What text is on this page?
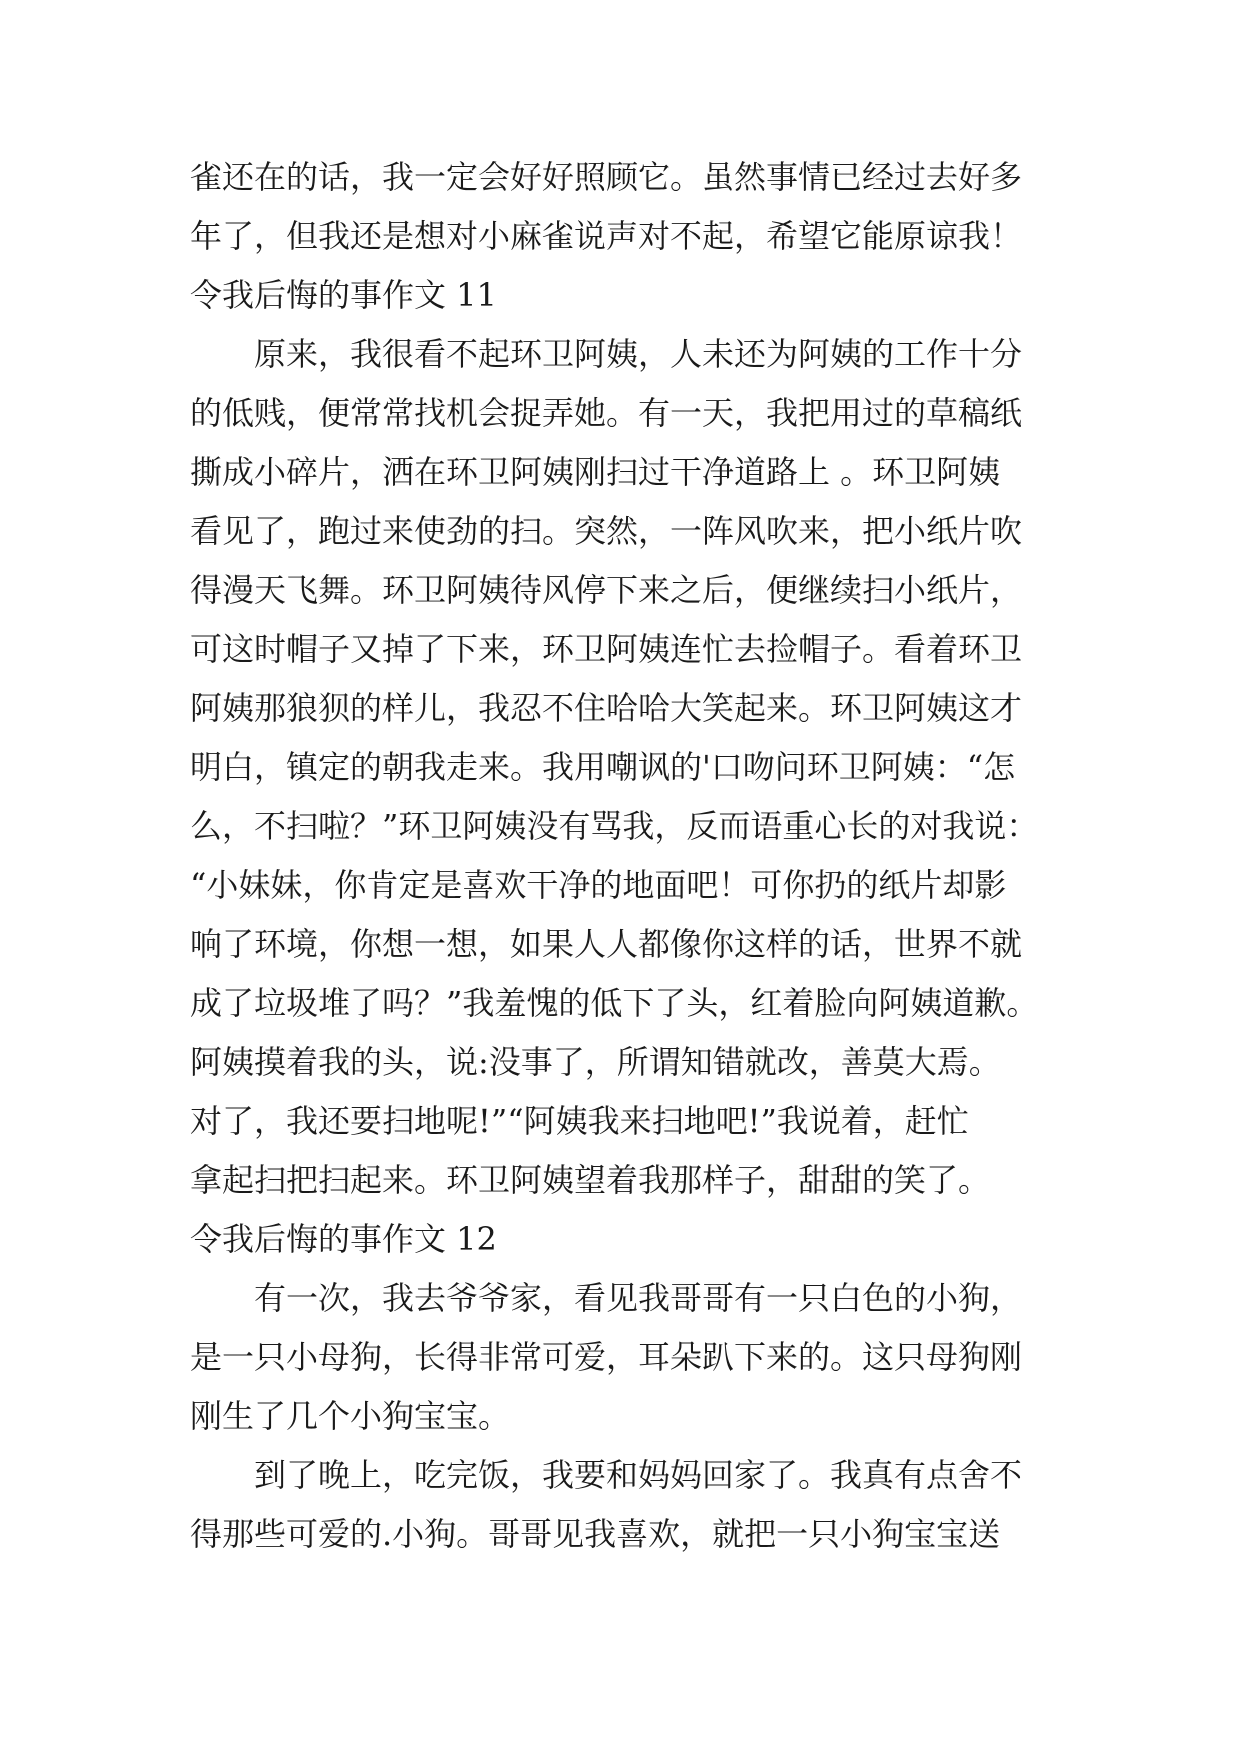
雀还在的话，我一定会好好照顾它。虽然事情已经过去好多
年了，但我还是想对小麻雀说声对不起，希望它能原谅我！
令我后悔的事作文 11
原来，我很看不起环卫阿姨，人未还为阿姨的工作十分
的低贱，便常常找机会捉弄她。有一天，我把用过的草稿纸
撕成小碎片，洒在环卫阿姨刚扫过干净道路上 。环卫阿姨
看见了，跑过来使劲的扫。突然，一阵风吹来，把小纸片吹
得漫天飞舞。环卫阿姨待风停下来之后，便继续扫小纸片，
可这时帽子又掉了下来，环卫阿姨连忙去捡帽子。看着环卫
阿姨那狼狈的样儿，我忍不住哈哈大笑起来。环卫阿姨这才
明白，镇定的朝我走来。我用嘲讽的'口吻问环卫阿姨：“怎
么，不扫啦？”环卫阿姨没有骂我，反而语重心长的对我说：
“小妹妹，你肯定是喜欢干净的地面吧！可你扔的纸片却影
响了环境，你想一想，如果人人都像你这样的话，世界不就
成了垃圾堆了吗？”我羞愧的低下了头，红着脸向阿姨道歉。
阿姨摸着我的头，说:没事了，所谓知错就改，善莫大焉。
对了，我还要扫地呢!”“阿姨我来扫地吧!”我说着，赶忙
拿起扫把扫起来。环卫阿姨望着我那样子，甜甜的笑了。
令我后悔的事作文 12
有一次，我去爷爷家，看见我哥哥有一只白色的小狗，
是一只小母狗，长得非常可爱，耳朵趴下来的。这只母狗刚
刚生了几个小狗宝宝。
到了晚上，吃完饭，我要和妈妈回家了。我真有点舍不
得那些可爱的.小狗。哥哥见我喜欢，就把一只小狗宝宝送
